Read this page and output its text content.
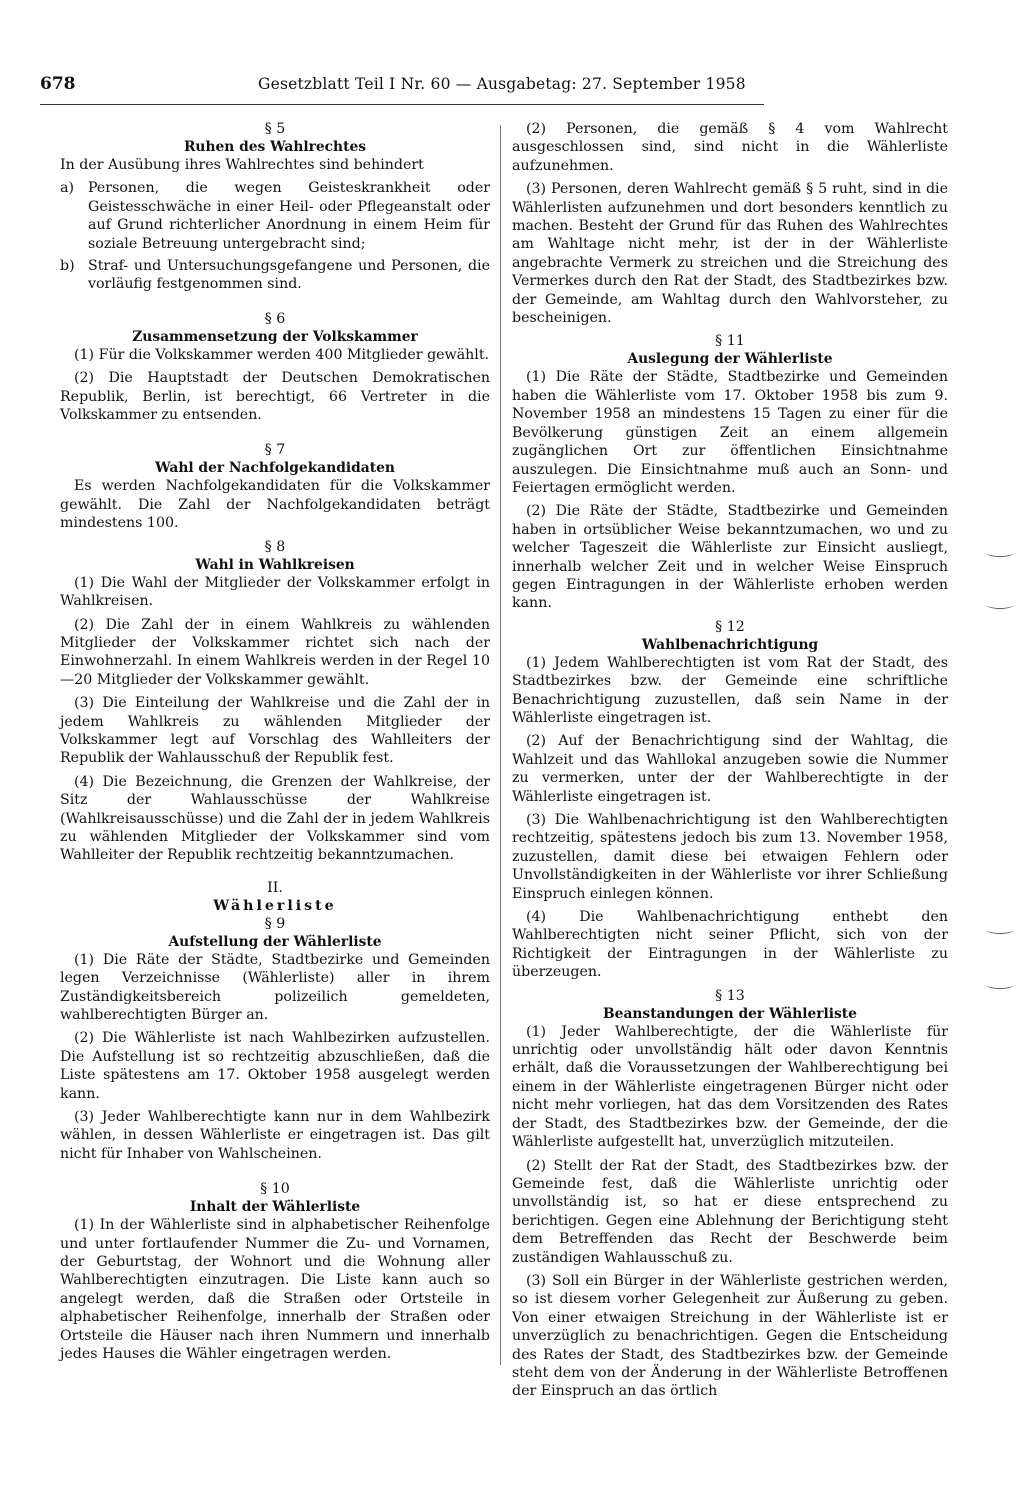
678	Gesetzblatt Teil I Nr. 60 — Ausgabetag: 27. September 1958

§ 5

Ruhen des Wahlrechtes

In der Ausübung ihres Wahlrechtes sind behindert

a) Personen, die wegen Geisteskrankheit oder Geistesschwäche in einer Heil- oder Pflegeanstalt oder auf Grund richterlicher Anordnung in einem Heim für soziale Betreuung untergebracht sind;
b) Straf- und Untersuchungsgefangene und Personen, die vorläufig festgenommen sind.

§ 6

Zusammensetzung der Volkskammer

(1) Für die Volkskammer werden 400 Mitglieder gewählt.

(2) Die Hauptstadt der Deutschen Demokratischen Republik, Berlin, ist berechtigt, 66 Vertreter in die Volkskammer zu entsenden.

§ 7

Wahl der Nachfolgekandidaten

Es werden Nachfolgekandidaten für die Volkskammer gewählt. Die Zahl der Nachfolgekandidaten beträgt mindestens 100.

§ 8

Wahl in Wahlkreisen

(1) Die Wahl der Mitglieder der Volkskammer erfolgt in Wahlkreisen.

(2) Die Zahl der in einem Wahlkreis zu wählenden Mitglieder der Volkskammer richtet sich nach der Einwohnerzahl. In einem Wahlkreis werden in der Regel 10—20 Mitglieder der Volkskammer gewählt.

(3) Die Einteilung der Wahlkreise und die Zahl der in jedem Wahlkreis zu wählenden Mitglieder der Volkskammer legt auf Vorschlag des Wahlleiters der Republik der Wahlausschuß der Republik fest.

(4) Die Bezeichnung, die Grenzen der Wahlkreise, der Sitz der Wahlausschüsse der Wahlkreise (Wahlkreisausschüsse) und die Zahl der in jedem Wahlkreis zu wählenden Mitglieder der Volkskammer sind vom Wahlleiter der Republik rechtzeitig bekanntzumachen.

II.

Wählerliste

§ 9

Aufstellung der Wählerliste

(1) Die Räte der Städte, Stadtbezirke und Gemeinden legen Verzeichnisse (Wählerliste) aller in ihrem Zuständigkeitsbereich polizeilich gemeldeten, wahlberechtigten Bürger an.

(2) Die Wählerliste ist nach Wahlbezirken aufzustellen. Die Aufstellung ist so rechtzeitig abzuschließen, daß die Liste spätestens am 17. Oktober 1958 ausgelegt werden kann.

(3) Jeder Wahlberechtigte kann nur in dem Wahlbezirk wählen, in dessen Wählerliste er eingetragen ist. Das gilt nicht für Inhaber von Wahlscheinen.

§ 10

Inhalt der Wählerliste

(1) In der Wählerliste sind in alphabetischer Reihenfolge und unter fortlaufender Nummer die Zu- und Vornamen, der Geburtstag, der Wohnort und die Wohnung aller Wahlberechtigten einzutragen. Die Liste kann auch so angelegt werden, daß die Straßen oder Ortsteile in alphabetischer Reihenfolge, innerhalb der Straßen oder Ortsteile die Häuser nach ihren Nummern und innerhalb jedes Hauses die Wähler eingetragen werden.

(2) Personen, die gemäß § 4 vom Wahlrecht ausgeschlossen sind, sind nicht in die Wählerliste aufzunehmen.

(3) Personen, deren Wahlrecht gemäß § 5 ruht, sind in die Wählerlisten aufzunehmen und dort besonders kenntlich zu machen. Besteht der Grund für das Ruhen des Wahlrechtes am Wahltage nicht mehr, ist der in der Wählerliste angebrachte Vermerk zu streichen und die Streichung des Vermerkes durch den Rat der Stadt, des Stadtbezirkes bzw. der Gemeinde, am Wahltag durch den Wahlvorsteher, zu bescheinigen.

§ 11

Auslegung der Wählerliste

(1) Die Räte der Städte, Stadtbezirke und Gemeinden haben die Wählerliste vom 17. Oktober 1958 bis zum 9. November 1958 an mindestens 15 Tagen zu einer für die Bevölkerung günstigen Zeit an einem allgemein zugänglichen Ort zur öffentlichen Einsichtnahme auszulegen. Die Einsichtnahme muß auch an Sonn- und Feiertagen ermöglicht werden.

(2) Die Räte der Städte, Stadtbezirke und Gemeinden haben in ortsüblicher Weise bekanntzumachen, wo und zu welcher Tageszeit die Wählerliste zur Einsicht ausliegt, innerhalb welcher Zeit und in welcher Weise Einspruch gegen Eintragungen in der Wählerliste erhoben werden kann.

§ 12

Wahlbenachrichtigung

(1) Jedem Wahlberechtigten ist vom Rat der Stadt, des Stadtbezirkes bzw. der Gemeinde eine schriftliche Benachrichtigung zuzustellen, daß sein Name in der Wählerliste eingetragen ist.

(2) Auf der Benachrichtigung sind der Wahltag, die Wahlzeit und das Wahllokal anzugeben sowie die Nummer zu vermerken, unter der der Wahlberechtigte in der Wählerliste eingetragen ist.

(3) Die Wahlbenachrichtigung ist den Wahlberechtigten rechtzeitig, spätestens jedoch bis zum 13. November 1958, zuzustellen, damit diese bei etwaigen Fehlern oder Unvollständigkeiten in der Wählerliste vor ihrer Schließung Einspruch einlegen können.

(4) Die Wahlbenachrichtigung enthebt den Wahlberechtigten nicht seiner Pflicht, sich von der Richtigkeit der Eintragungen in der Wählerliste zu überzeugen.

§ 13

Beanstandungen der Wählerliste

(1) Jeder Wahlberechtigte, der die Wählerliste für unrichtig oder unvollständig hält oder davon Kenntnis erhält, daß die Voraussetzungen der Wahlberechtigung bei einem in der Wählerliste eingetragenen Bürger nicht oder nicht mehr vorliegen, hat das dem Vorsitzenden des Rates der Stadt, des Stadtbezirkes bzw. der Gemeinde, der die Wählerliste aufgestellt hat, unverzüglich mitzuteilen.

(2) Stellt der Rat der Stadt, des Stadtbezirkes bzw. der Gemeinde fest, daß die Wählerliste unrichtig oder unvollständig ist, so hat er diese entsprechend zu berichtigen. Gegen eine Ablehnung der Berichtigung steht dem Betreffenden das Recht der Beschwerde beim zuständigen Wahlausschuß zu.

(3) Soll ein Bürger in der Wählerliste gestrichen werden, so ist diesem vorher Gelegenheit zur Äußerung zu geben. Von einer etwaigen Streichung in der Wählerliste ist er unverzüglich zu benachrichtigen. Gegen die Entscheidung des Rates der Stadt, des Stadtbezirkes bzw. der Gemeinde steht dem von der Änderung in der Wählerliste Betroffenen der Einspruch an das örtlich
